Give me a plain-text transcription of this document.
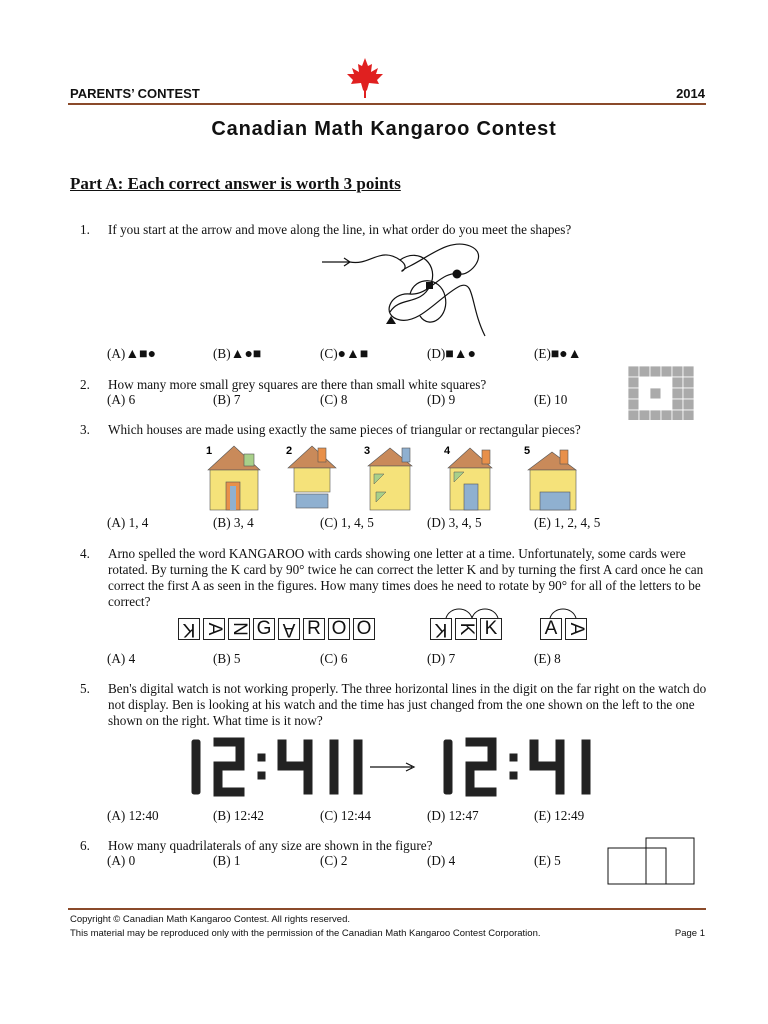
PARENTS’ CONTEST	2014
Canadian Math Kangaroo Contest
Part A: Each correct answer is worth 3 points
1. If you start at the arrow and move along the line, in what order do you meet the shapes?
(A)▲■●	(B)▲●■	(C)●▲■	(D)■▲●	(E)■●▲
2. How many more small grey squares are there than small white squares?
(A) 6	(B) 7	(C) 8	(D) 9	(E) 10
3. Which houses are made using exactly the same pieces of triangular or rectangular pieces?
1	2	3	4	5
(A) 1, 4	(B) 3, 4	(C) 1, 4, 5	(D) 3, 4, 5	(E) 1, 2, 4, 5
4. Arno spelled the word KANGAROO with cards showing one letter at a time. Unfortunately, some cards were rotated. By turning the K card by 90° twice he can correct the letter K and by turning the first A card once he can correct the first A as seen in the figures. How many times does he need to rotate by 90° for all of the letters to be correct?
K A N G A R O O	K K K	A A
(A) 4	(B) 5	(C) 6	(D) 7	(E) 8
5. Ben's digital watch is not working properly. The three horizontal lines in the digit on the far right on the watch do not display. Ben is looking at his watch and the time has just changed from the one shown on the left to the one shown on the right. What time is it now?
(A) 12:40	(B) 12:42	(C) 12:44	(D) 12:47	(E) 12:49
6. How many quadrilaterals of any size are shown in the figure?
(A) 0	(B) 1	(C) 2	(D) 4	(E) 5
Copyright © Canadian Math Kangaroo Contest. All rights reserved.
This material may be reproduced only with the permission of the Canadian Math Kangaroo Contest Corporation.	Page 1
